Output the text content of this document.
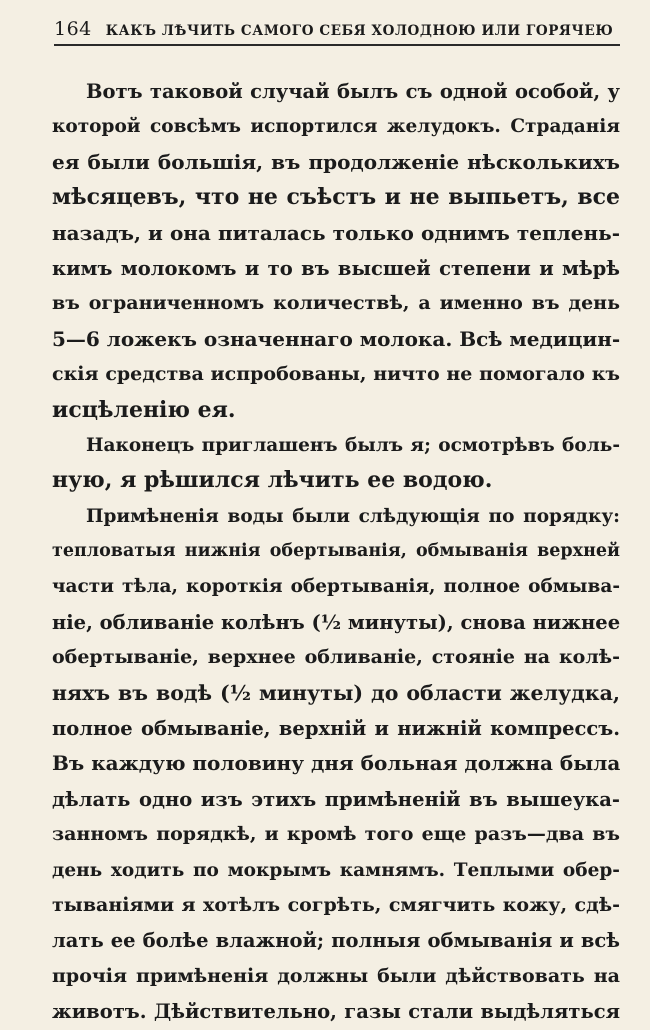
164 КАКЪ ЛѢЧИТЬ САМОГО СЕБЯ ХОЛОДНОЮ ИЛИ ГОРЯЧЕЮ
Вотъ таковой случай былъ съ одной особой, у
которой совсѣмъ испортился желудокъ. Страданія
ея были большія, въ продолженіе нѣсколькихъ
мѣсяцевъ, что не съѣстъ и не выпьетъ, все
назадъ, и она питалась только однимъ теплень-
кимъ молокомъ и то въ высшей степени и мѣрѣ
въ ограниченномъ количествѣ, а именно въ день
5—6 ложекъ означеннаго молока. Всѣ медицин-
скія средства испробованы, ничто не помогало къ
исцѣленію ея.
Наконецъ приглашенъ былъ я; осмотрѣвъ боль-
ную, я рѣшился лѣчить ее водою.
Примѣненія воды были слѣдующія по порядку:
тепловатыя нижнія обертыванія, обмыванія верхней
части тѣла, короткія обертыванія, полное обмыва-
ніе, обливаніе колѣнъ (½ минуты), снова нижнее
обертываніе, верхнее обливаніе, стояніе на колѣ-
няхъ въ водѣ (½ минуты) до области желудка,
полное обмываніе, верхній и нижній компрессъ.
Въ каждую половину дня больная должна была
дѣлать одно изъ этихъ примѣненій въ вышеука-
занномъ порядкѣ, и кромѣ того еще разъ—два въ
день ходить по мокрымъ камнямъ. Теплыми обер-
тываніями я хотѣлъ согрѣть, смягчить кожу, сдѣ-
лать ее болѣе влажной; полныя обмыванія и всѣ
прочія примѣненія должны были дѣйствовать на
животъ. Дѣйствительно, газы стали выдѣляться
